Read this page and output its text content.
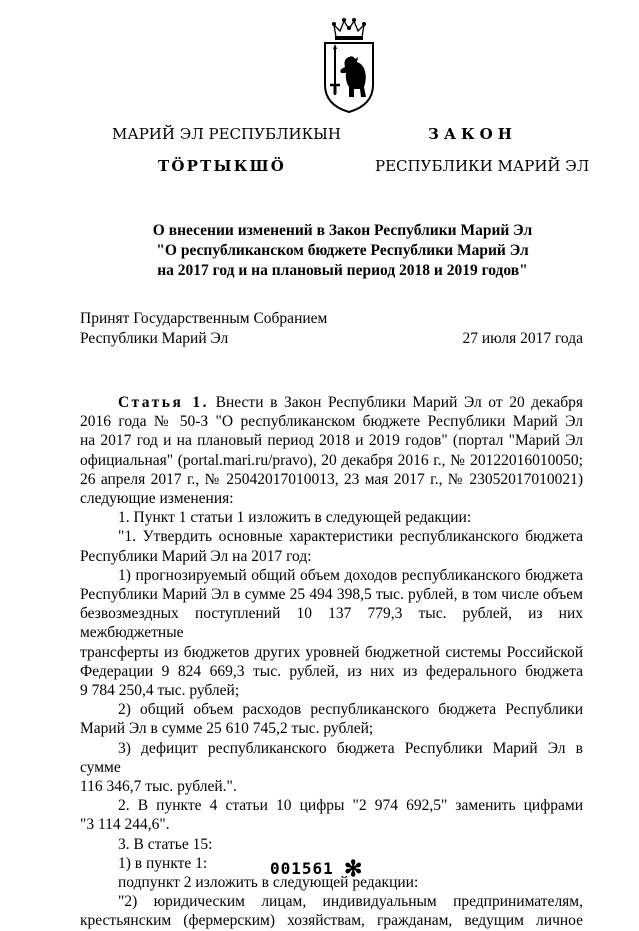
МАРИЙ ЭЛ РЕСПУБЛИКЫН
ТӦРТЫКШӦ
ЗАКОН
РЕСПУБЛИКИ МАРИЙ ЭЛ
О внесении изменений в Закон Республики Марий Эл
"О республиканском бюджете Республики Марий Эл
на 2017 год и на плановый период 2018 и 2019 годов"
Принят Государственным Собранием
Республики Марий Эл	27 июля 2017 года

Статья 1. Внести в Закон Республики Марий Эл от 20 декабря

2016 года № 50-З "О республиканском бюджете Республики Марий Эл

на 2017 год и на плановый период 2018 и 2019 годов" (портал "Марий Эл

официальная" (portal.mari.ru/pravo), 20 декабря 2016 г., № 20122016010050;

26 апреля 2017 г., № 25042017010013, 23 мая 2017 г., № 23052017010021)

следующие изменения:

1. Пункт 1 статьи 1 изложить в следующей редакции:

"1. Утвердить основные характеристики республиканского бюджета

Республики Марий Эл на 2017 год:

1) прогнозируемый общий объем доходов республиканского бюджета

Республики Марий Эл в сумме 25 494 398,5 тыс. рублей, в том числе объем

безвозмездных поступлений 10 137 779,3 тыс. рублей, из них межбюджетные

трансферты из бюджетов других уровней бюджетной системы Российской

Федерации 9 824 669,3 тыс. рублей, из них из федерального бюджета

9 784 250,4 тыс. рублей;

2) общий объем расходов республиканского бюджета Республики

Марий Эл в сумме 25 610 745,2 тыс. рублей;

3) дефицит республиканского бюджета Республики Марий Эл в сумме

116 346,7 тыс. рублей.".

2. В пункте 4 статьи 10 цифры "2 974 692,5" заменить цифрами

"3 114 244,6".

3. В статье 15:

1) в пункте 1:

подпункт 2 изложить в следующей редакции:

"2) юридическим лицам, индивидуальным предпринимателям,

крестьянским (фермерским) хозяйствам, гражданам, ведущим личное

001561 ✻
